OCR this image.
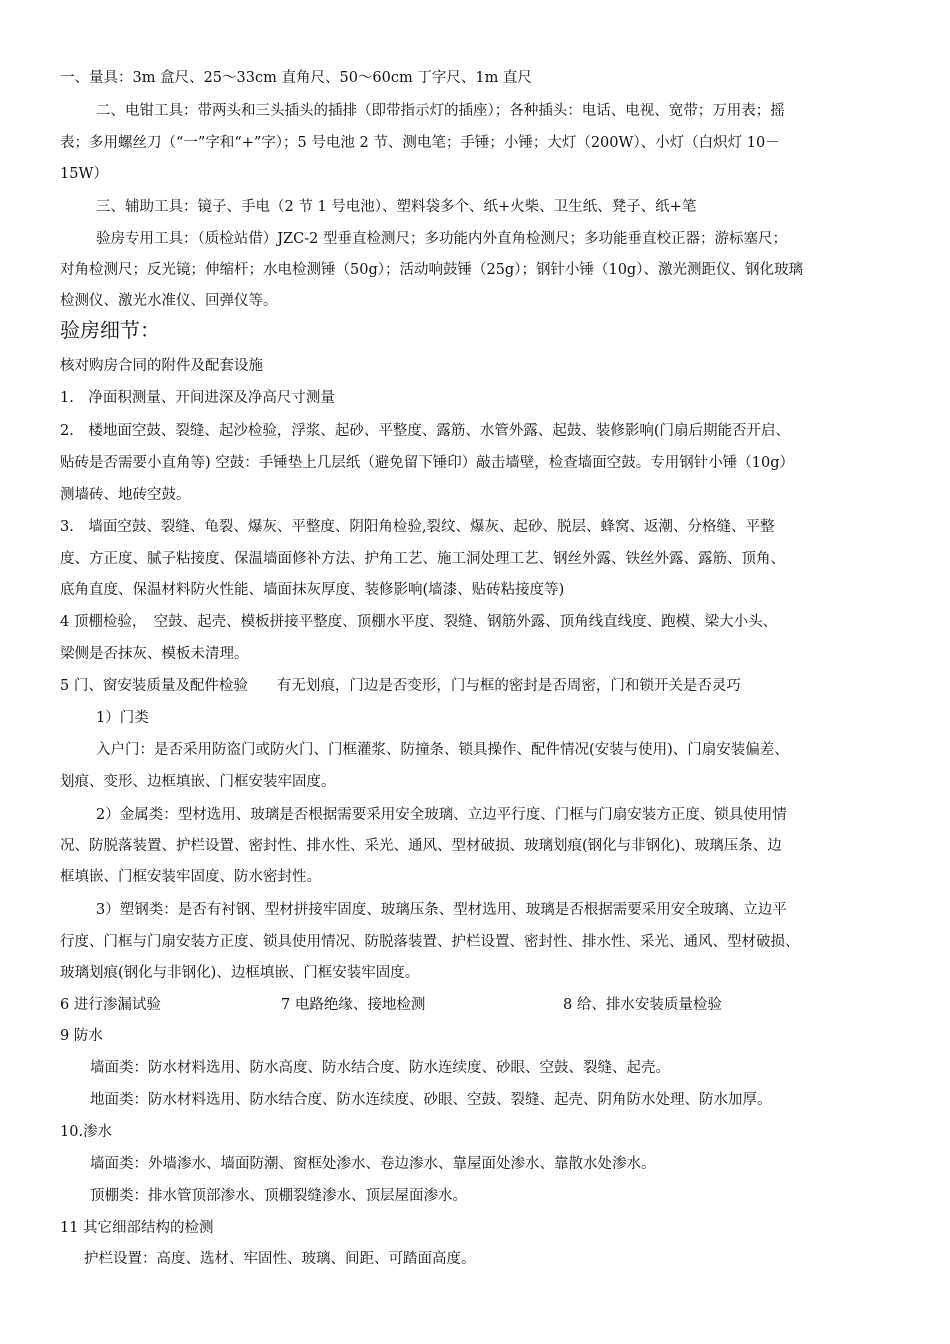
一、量具：3m 盒尺、25～33cm 直角尺、50～60cm 丁字尺、1m 直尺
二、电钳工具：带两头和三头插头的插排（即带指示灯的插座）；各种插头：电话、电视、宽带；万用表；摇
表；多用螺丝刀（“一”字和“+”字）；5 号电池 2 节、测电笔；手锤；小锤；大灯（200W）、小灯（白炽灯 10－
15W）
三、辅助工具：镜子、手电（2 节 1 号电池）、塑料袋多个、纸+火柴、卫生纸、凳子、纸+笔
验房专用工具：（质检站借）JZC-2 型垂直检测尺；多功能内外直角检测尺；多功能垂直校正器；游标塞尺；
对角检测尺；反光镜；伸缩杆；水电检测锤（50g）；活动响鼓锤（25g）；钢针小锤（10g）、激光测距仪、钢化玻璃
检测仪、激光水准仪、回弹仪等。
验房细节：
核对购房合同的附件及配套设施
1.　净面积测量、开间进深及净高尺寸测量
2.　楼地面空鼓、裂缝、起沙检验，浮浆、起砂、平整度、露筋、水管外露、起鼓、装修影响(门扇后期能否开启、
贴砖是否需要小直角等) 空鼓：手锤垫上几层纸（避免留下锤印）敲击墙壁，检查墙面空鼓。专用钢针小锤（10g）
测墙砖、地砖空鼓。
3.　墙面空鼓、裂缝、龟裂、爆灰、平整度、阴阳角检验,裂纹、爆灰、起砂、脱层、蜂窝、返潮、分格缝、平整
度、方正度、腻子粘接度、保温墙面修补方法、护角工艺、施工洞处理工艺、钢丝外露、铁丝外露、露筋、顶角、
底角直度、保温材料防火性能、墙面抹灰厚度、装修影响(墙漆、贴砖粘接度等)
4 顶棚检验，　空鼓、起壳、模板拼接平整度、顶棚水平度、裂缝、钢筋外露、顶角线直线度、跑模、梁大小头、
梁侧是否抹灰、模板未清理。
5 门、窗安装质量及配件检验　　有无划痕，门边是否变形，门与框的密封是否周密，门和锁开关是否灵巧
1）门类
入户门：是否采用防盗门或防火门、门框灌浆、防撞条、锁具操作、配件情况(安装与使用)、门扇安装偏差、
划痕、变形、边框填嵌、门框安装牢固度。
2）金属类：型材选用、玻璃是否根据需要采用安全玻璃、立边平行度、门框与门扇安装方正度、锁具使用情
况、防脱落装置、护栏设置、密封性、排水性、采光、通风、型材破损、玻璃划痕(钢化与非钢化)、玻璃压条、边
框填嵌、门框安装牢固度、防水密封性。
3）塑钢类：是否有衬钢、型材拼接牢固度、玻璃压条、型材选用、玻璃是否根据需要采用安全玻璃、立边平
行度、门框与门扇安装方正度、锁具使用情况、防脱落装置、护栏设置、密封性、排水性、采光、通风、型材破损、
玻璃划痕(钢化与非钢化)、边框填嵌、门框安装牢固度。
6 进行渗漏试验	7 电路绝缘、接地检测	8 给、排水安装质量检验
9 防水
墙面类：防水材料选用、防水高度、防水结合度、防水连续度、砂眼、空鼓、裂缝、起壳。
地面类：防水材料选用、防水结合度、防水连续度、砂眼、空鼓、裂缝、起壳、阴角防水处理、防水加厚。
10.渗水
墙面类：外墙渗水、墙面防潮、窗框处渗水、卷边渗水、靠屋面处渗水、靠散水处渗水。
顶棚类：排水管顶部渗水、顶棚裂缝渗水、顶层屋面渗水。
11 其它细部结构的检测
护栏设置：高度、选材、牢固性、玻璃、间距、可踏面高度。
